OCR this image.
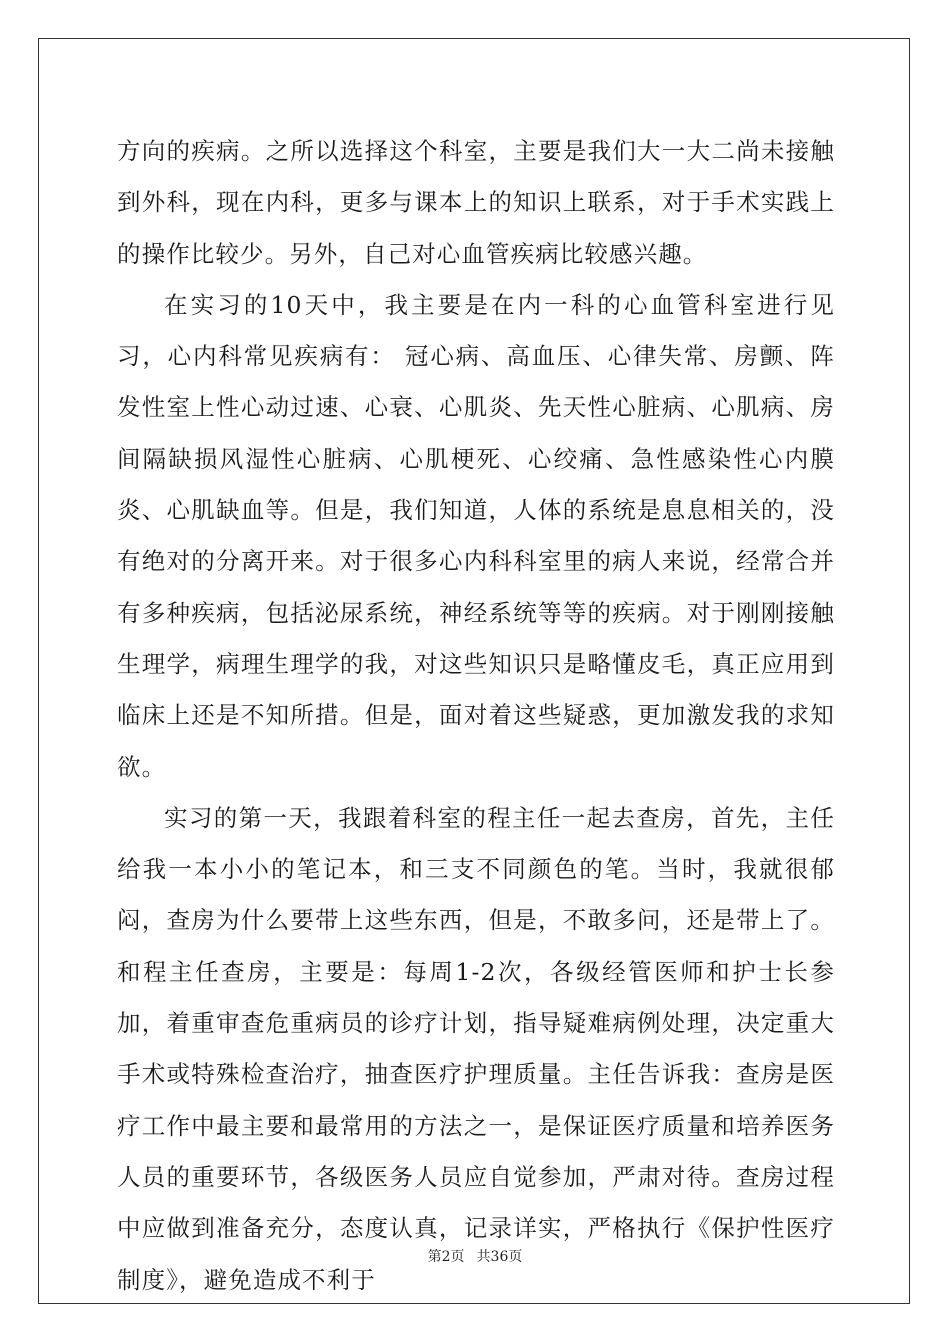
方向的疾病。之所以选择这个科室，主要是我们大一大二尚未接触到外科，现在内科，更多与课本上的知识上联系，对于手术实践上的操作比较少。另外，自己对心血管疾病比较感兴趣。

在实习的10天中，我主要是在内一科的心血管科室进行见习，心内科常见疾病有： 冠心病、高血压、心律失常、房颤、阵发性室上性心动过速、心衰、心肌炎、先天性心脏病、心肌病、房间隔缺损风湿性心脏病、心肌梗死、心绞痛、急性感染性心内膜炎、心肌缺血等。但是，我们知道，人体的系统是息息相关的，没有绝对的分离开来。对于很多心内科科室里的病人来说，经常合并有多种疾病，包括泌尿系统，神经系统等等的疾病。对于刚刚接触生理学，病理生理学的我，对这些知识只是略懂皮毛，真正应用到临床上还是不知所措。但是，面对着这些疑惑，更加激发我的求知欲。

实习的第一天，我跟着科室的程主任一起去查房，首先，主任给我一本小小的笔记本，和三支不同颜色的笔。当时，我就很郁闷，查房为什么要带上这些东西，但是，不敢多问，还是带上了。和程主任查房，主要是：每周1-2次，各级经管医师和护士长参加，着重审查危重病员的诊疗计划，指导疑难病例处理，决定重大手术或特殊检查治疗，抽查医疗护理质量。主任告诉我：查房是医疗工作中最主要和最常用的方法之一，是保证医疗质量和培养医务人员的重要环节，各级医务人员应自觉参加，严肃对待。查房过程中应做到准备充分，态度认真，记录详实，严格执行《保护性医疗制度》，避免造成不利于

第2页 共36页
